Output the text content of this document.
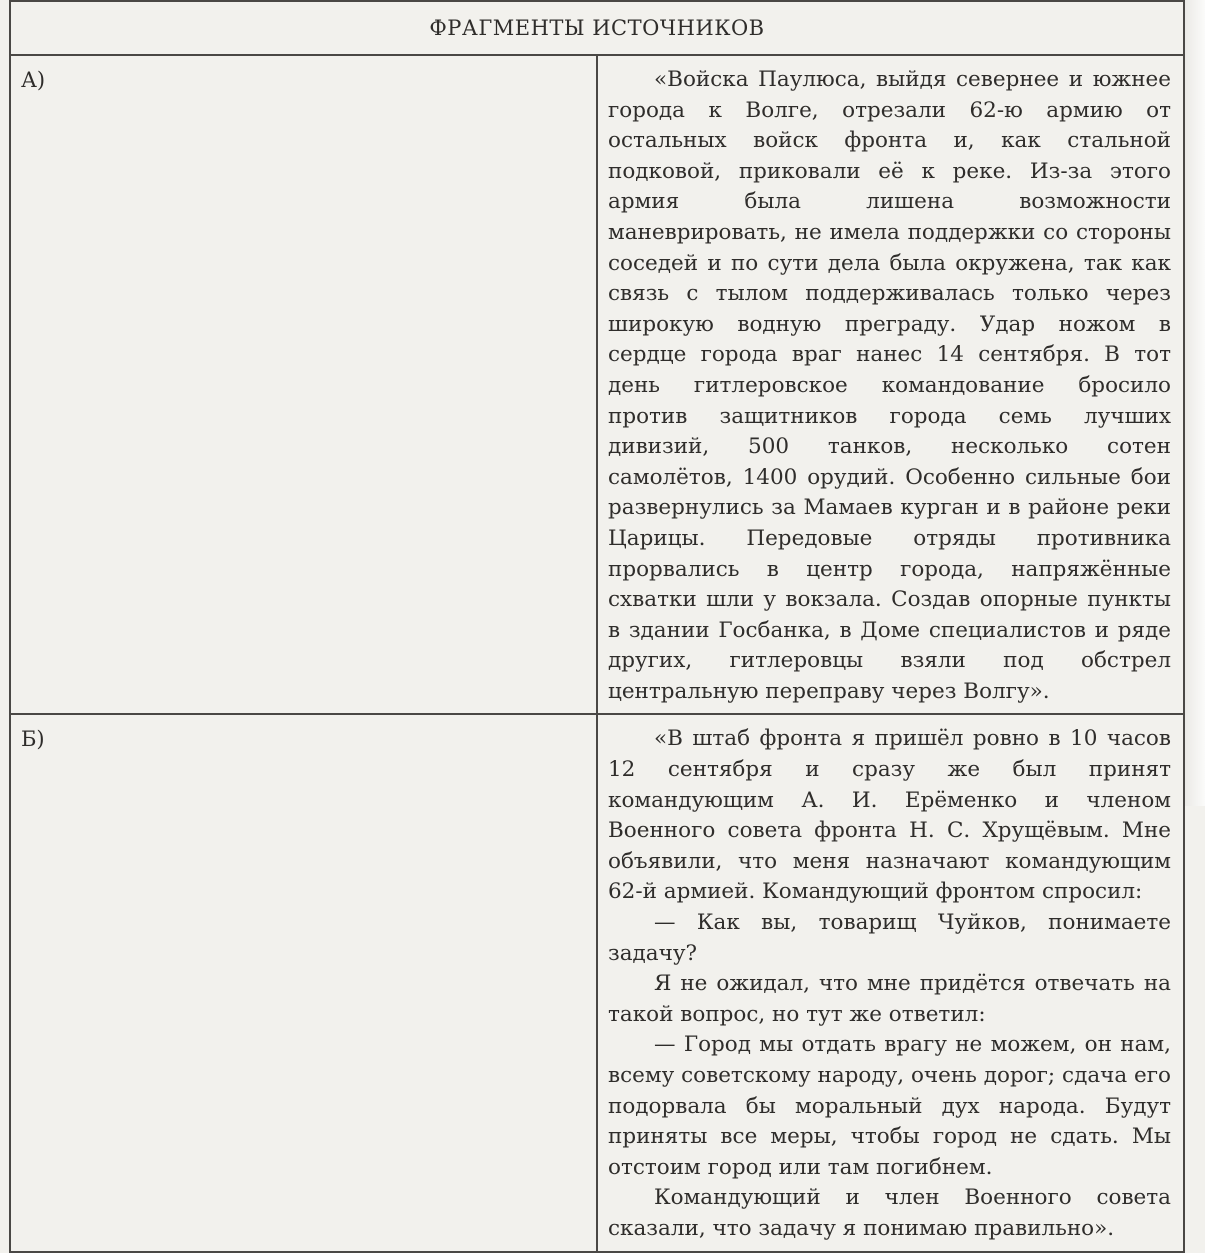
ФРАГМЕНТЫ ИСТОЧНИКОВ	
А)	«Войска Паулюса, выйдя севернее и южнее города к Волге, отрезали 62-ю армию от остальных войск фронта и, как стальной подковой, приковали её к реке. Из-за этого армия была лишена возможности маневрировать, не имела поддержки со стороны соседей и по сути дела была окружена, так как связь с тылом поддерживалась только через широкую водную преграду. Удар ножом в сердце города враг нанес 14 сентября. В тот день гитлеровское командование бросило против защитников города семь лучших дивизий, 500 танков, несколько сотен самолётов, 1400 орудий. Особенно сильные бои развернулись за Мамаев курган и в районе реки Царицы. Передовые отряды противника прорвались в центр города, напряжённые схватки шли у вокзала. Создав опорные пункты в здании Госбанка, в Доме специалистов и ряде других, гитлеровцы взяли под обстрел центральную переправу через Волгу».

Б)	«В штаб фронта я пришёл ровно в 10 часов 12 сентября и сразу же был принят командующим А. И. Ерёменко и членом Военного совета фронта Н. С. Хрущёвым. Мне объявили, что меня назначают командующим 62-й армией. Командующий фронтом спросил:

— Как вы, товарищ Чуйков, понимаете задачу?

Я не ожидал, что мне придётся отвечать на такой вопрос, но тут же ответил:

— Город мы отдать врагу не можем, он нам, всему советскому народу, очень дорог; сдача его подорвала бы моральный дух народа. Будут приняты все меры, чтобы город не сдать. Мы отстоим город или там погибнем.

Командующий и член Военного совета сказали, что задачу я понимаю правильно».
